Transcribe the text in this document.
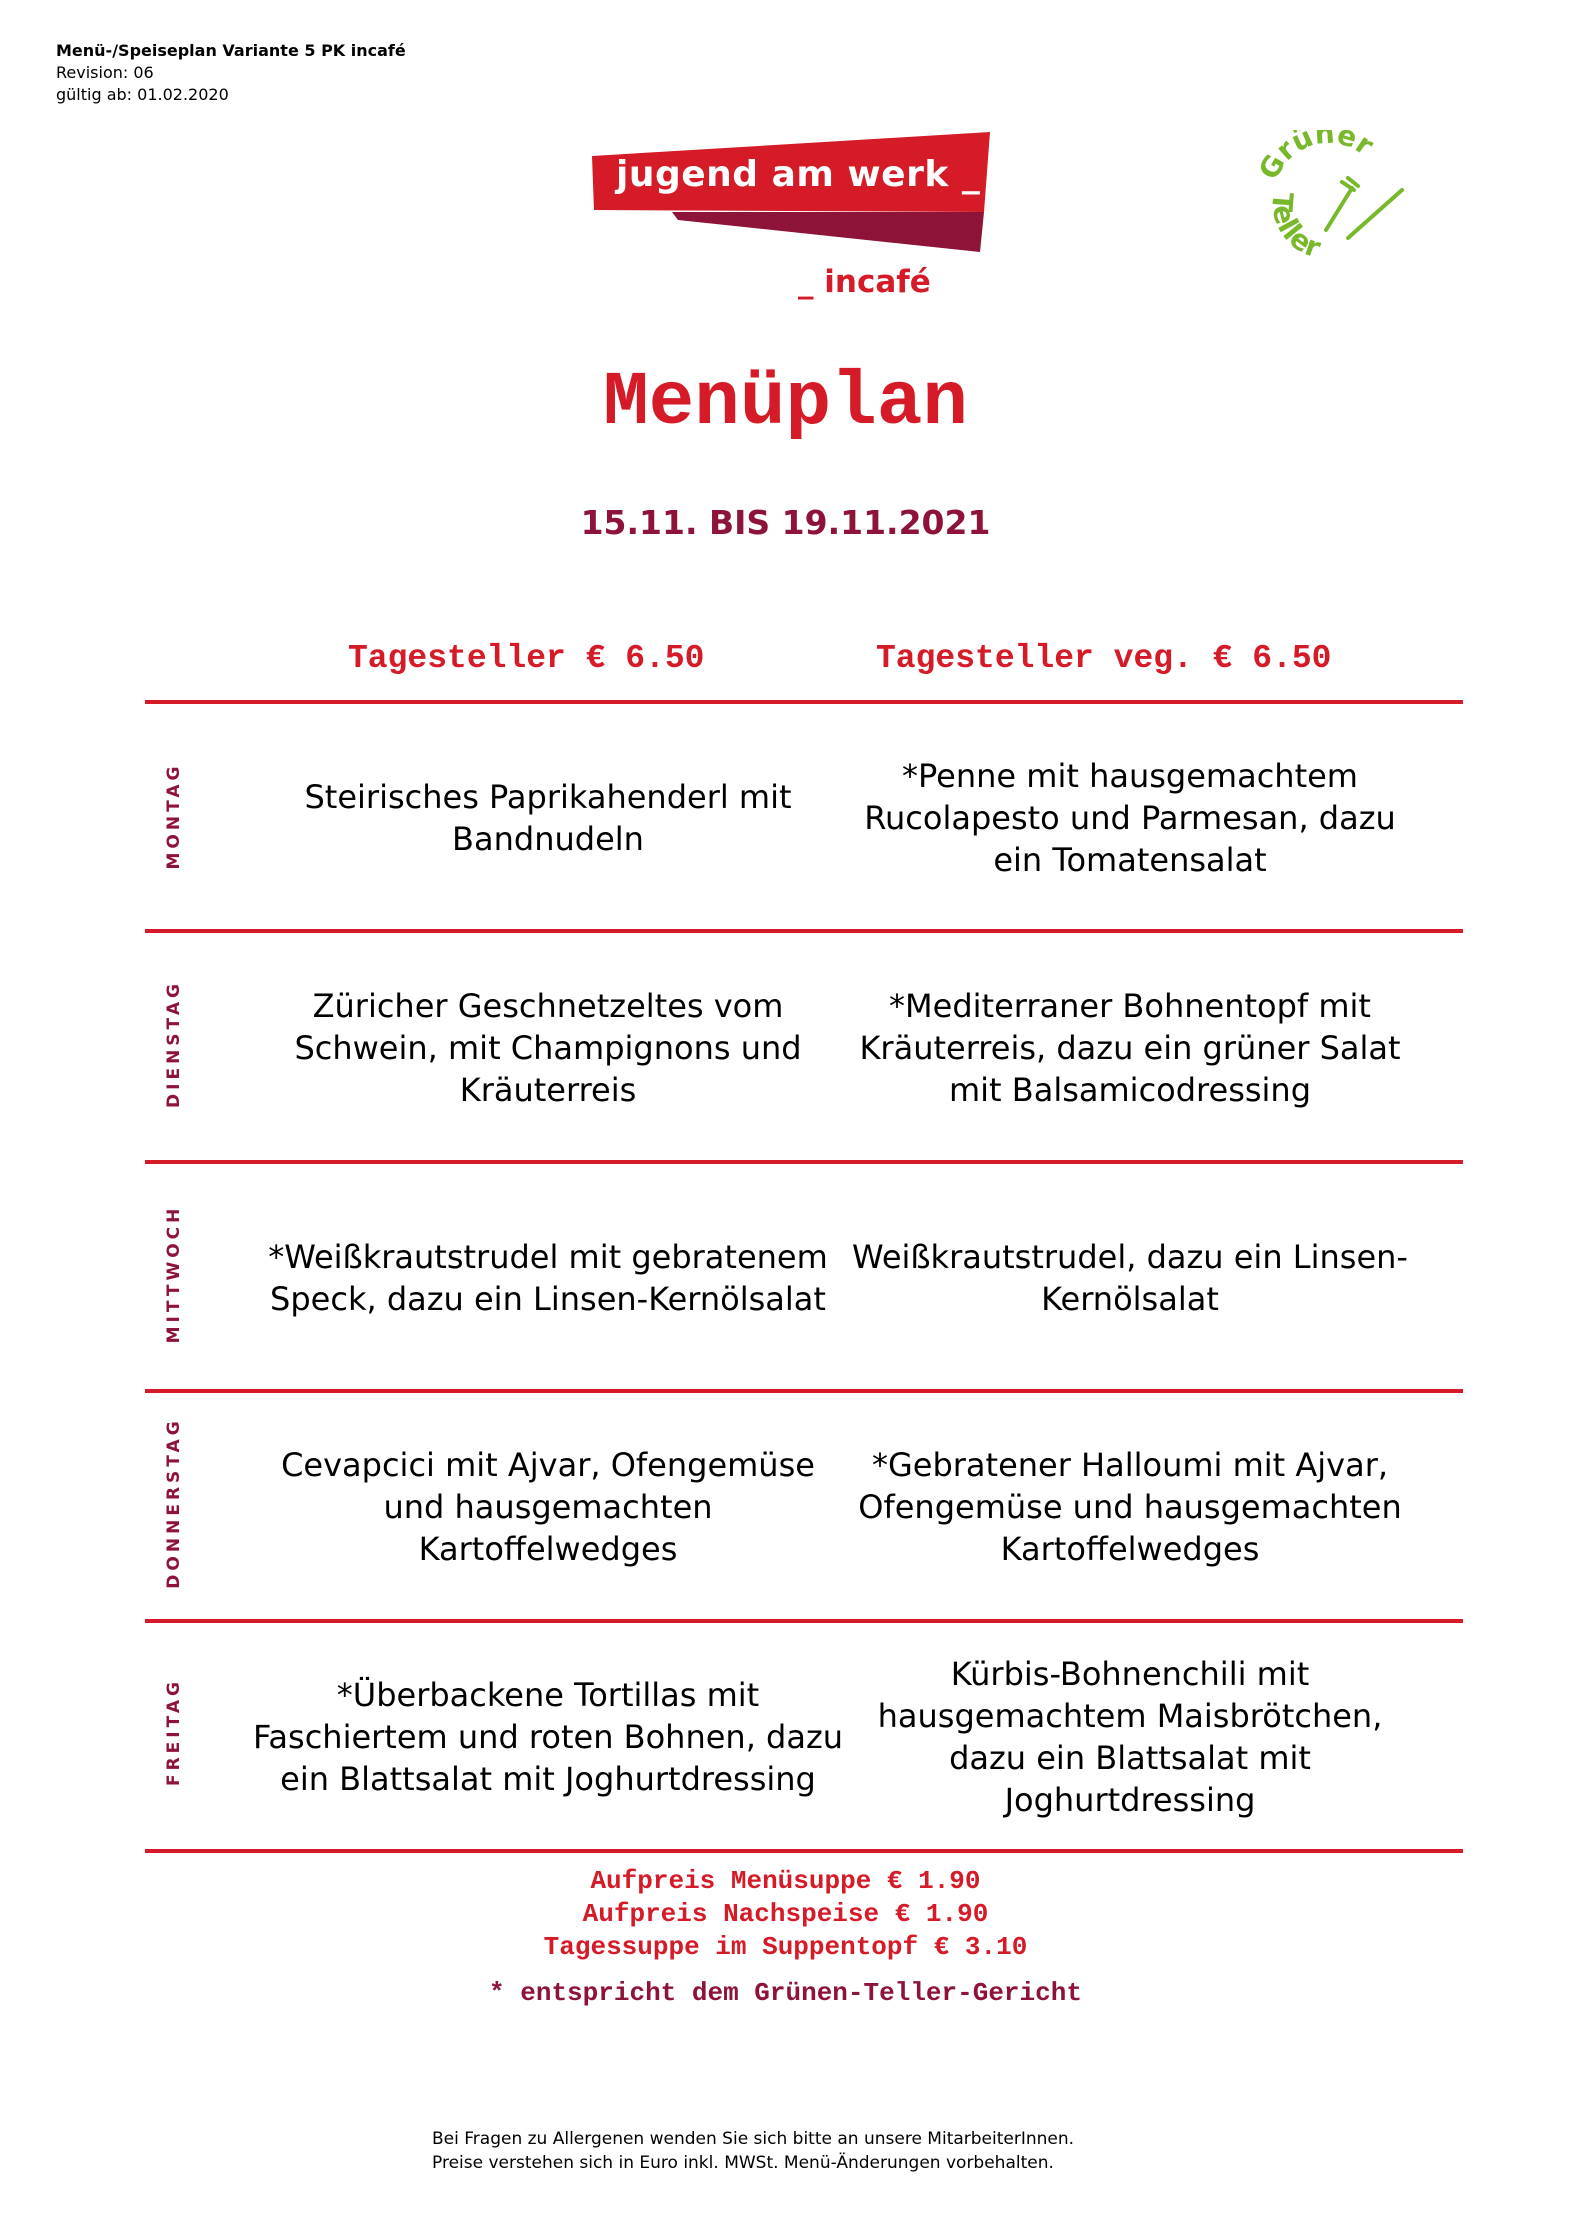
Menü-/Speiseplan Variante 5 PK incafé
Revision: 06
gültig ab: 01.02.2020
jugend am werk _
_ incafé
Grüner
Teller
Menüplan
15.11. BIS 19.11.2021
Tagesteller € 6.50	Tagesteller veg. € 6.50
MONTAG
DIENSTAG
MITTWOCH
DONNERSTAG
FREITAG
Steirisches Paprikahenderl mit Bandnudeln
*Penne mit hausgemachtem Rucolapesto und Parmesan, dazu ein Tomatensalat
Züricher Geschnetzeltes vom Schwein, mit Champignons und Kräuterreis
*Mediterraner Bohnentopf mit Kräuterreis, dazu ein grüner Salat mit Balsamicodressing
*Weißkrautstrudel mit gebratenem Speck, dazu ein Linsen-Kernölsalat
Weißkrautstrudel, dazu ein Linsen-Kernölsalat
Cevapcici mit Ajvar, Ofengemüse und hausgemachten Kartoffelwedges
*Gebratener Halloumi mit Ajvar, Ofengemüse und hausgemachten Kartoffelwedges
*Überbackene Tortillas mit Faschiertem und roten Bohnen, dazu ein Blattsalat mit Joghurtdressing
Kürbis-Bohnenchili mit hausgemachtem Maisbrötchen, dazu ein Blattsalat mit Joghurtdressing
Aufpreis Menüsuppe € 1.90
Aufpreis Nachspeise € 1.90
Tagessuppe im Suppentopf € 3.10
* entspricht dem Grünen-Teller-Gericht
Bei Fragen zu Allergenen wenden Sie sich bitte an unsere MitarbeiterInnen.
Preise verstehen sich in Euro inkl. MWSt. Menü-Änderungen vorbehalten.
